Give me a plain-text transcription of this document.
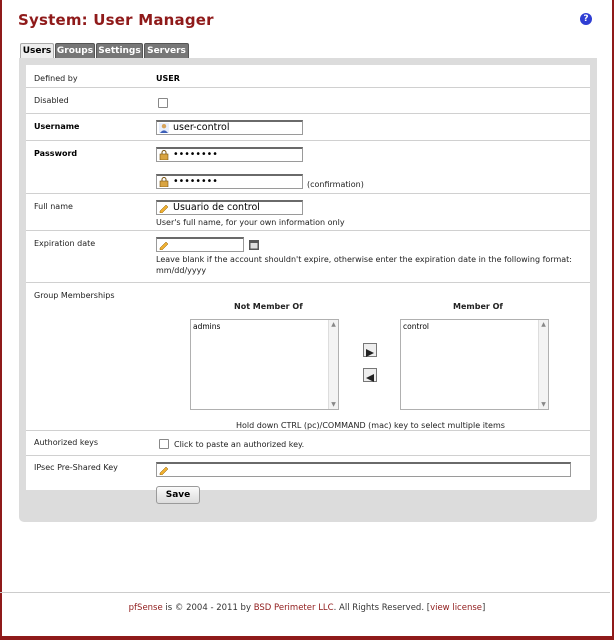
System: User Manager	?
Users Groups Settings Servers
Defined by	USER
Disabled
Username	user-control
Password	••••••••
••••••••	(confirmation)
Full name	Usuario de control
User's full name, for your own information only
Expiration date
Leave blank if the account shouldn't expire, otherwise enter the expiration date in the following format: mm/dd/yyyy
Group Memberships
Not Member Of	Member Of
admins	▲
▼
control	▲
▼
Hold down CTRL (pc)/COMMAND (mac) key to select multiple items
Authorized keys	Click to paste an authorized key.
IPsec Pre-Shared Key
Save
pfSense is © 2004 - 2011 by BSD Perimeter LLC. All Rights Reserved. [view license]
